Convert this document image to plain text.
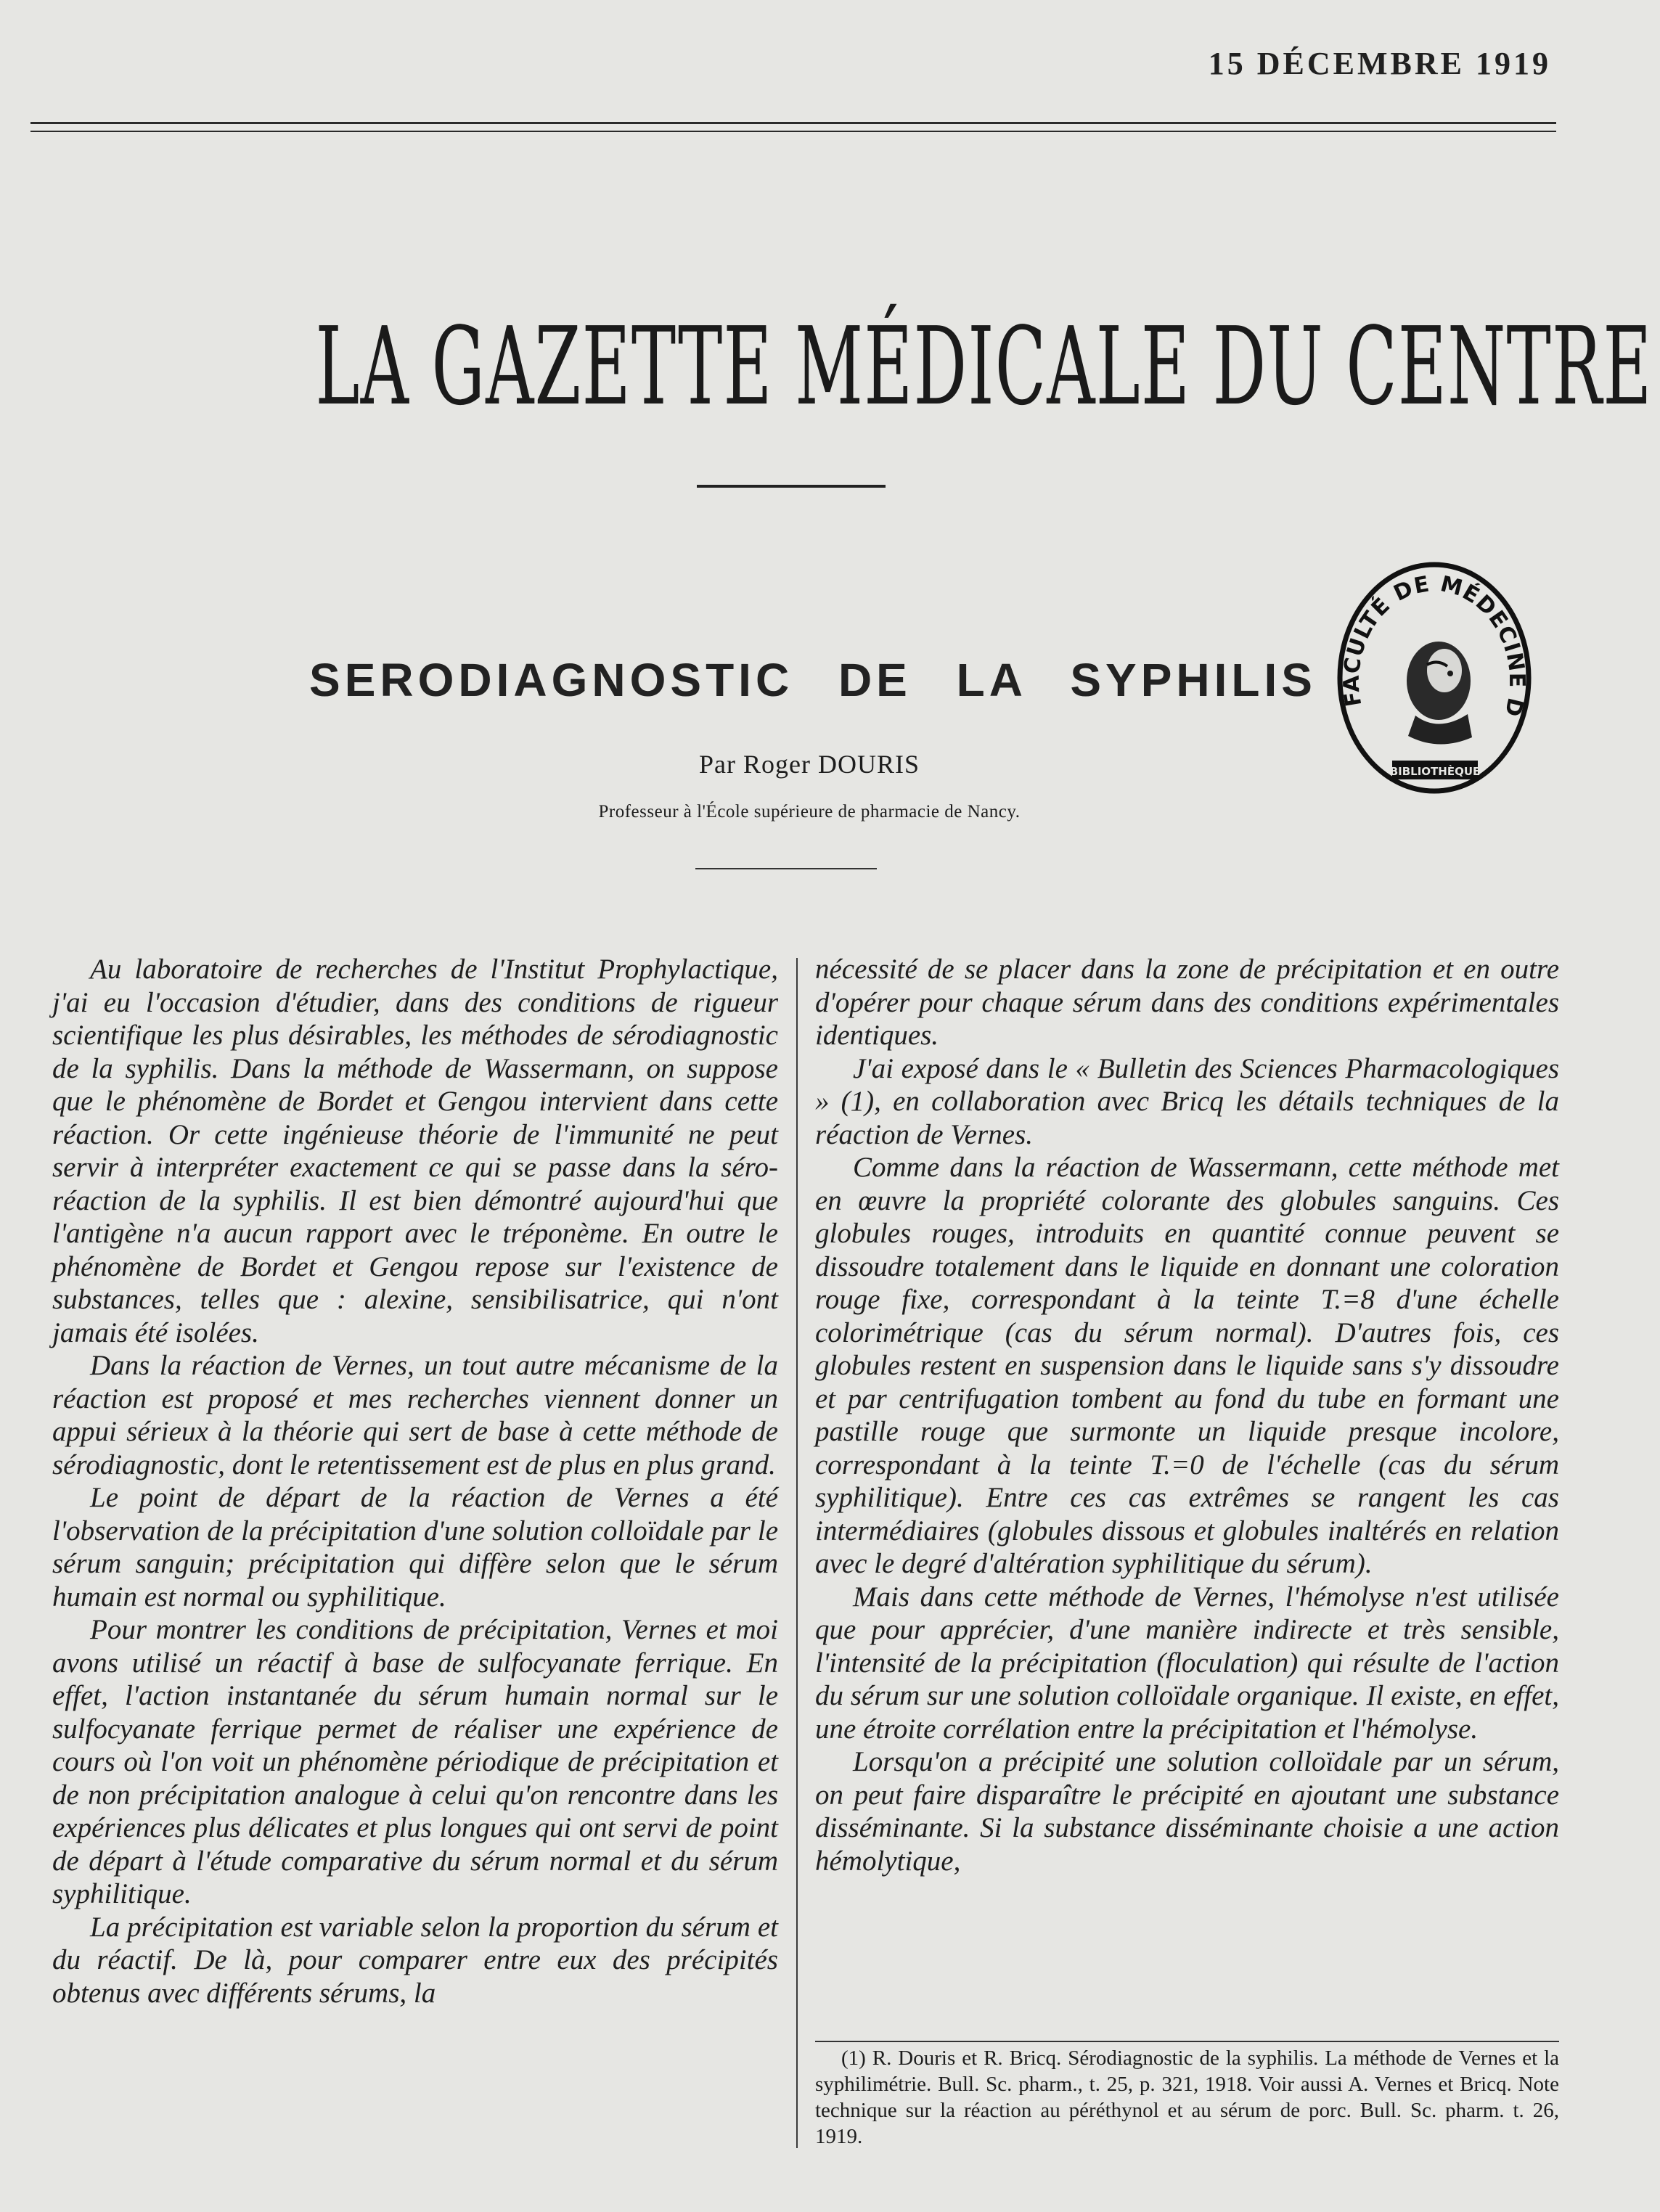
15 DÉCEMBRE 1919
LA GAZETTE MÉDICALE DU CENTRE
SERODIAGNOSTIC DE LA SYPHILIS
Par Roger DOURIS
Professeur à l'École supérieure de pharmacie de Nancy.
FACULTÉ DE MÉDECINE D
BIBLIOTHÈQUE

Au laboratoire de recherches de l'Institut Prophylactique, j'ai eu l'occasion d'étudier, dans des conditions de rigueur scientifique les plus désirables, les méthodes de sérodiagnostic de la syphilis. Dans la méthode de Wassermann, on suppose que le phénomène de Bordet et Gengou intervient dans cette réaction. Or cette ingénieuse théorie de l'immunité ne peut servir à interpréter exactement ce qui se passe dans la séro-réaction de la syphilis. Il est bien démontré aujourd'hui que l'antigène n'a aucun rapport avec le tréponème. En outre le phénomène de Bordet et Gengou repose sur l'existence de substances, telles que : alexine, sensibilisatrice, qui n'ont jamais été isolées.

Dans la réaction de Vernes, un tout autre mécanisme de la réaction est proposé et mes recherches viennent donner un appui sérieux à la théorie qui sert de base à cette méthode de sérodiagnostic, dont le retentissement est de plus en plus grand.

Le point de départ de la réaction de Vernes a été l'observation de la précipitation d'une solution colloïdale par le sérum sanguin; précipitation qui diffère selon que le sérum humain est normal ou syphilitique.

Pour montrer les conditions de précipitation, Vernes et moi avons utilisé un réactif à base de sulfocyanate ferrique. En effet, l'action instantanée du sérum humain normal sur le sulfocyanate ferrique permet de réaliser une expérience de cours où l'on voit un phénomène périodique de précipitation et de non précipitation analogue à celui qu'on rencontre dans les expériences plus délicates et plus longues qui ont servi de point de départ à l'étude comparative du sérum normal et du sérum syphilitique.

La précipitation est variable selon la proportion du sérum et du réactif. De là, pour comparer entre eux des précipités obtenus avec différents sérums, la

nécessité de se placer dans la zone de précipitation et en outre d'opérer pour chaque sérum dans des conditions expérimentales identiques.

J'ai exposé dans le « Bulletin des Sciences Pharmacologiques » (1), en collaboration avec Bricq les détails techniques de la réaction de Vernes.

Comme dans la réaction de Wassermann, cette méthode met en œuvre la propriété colorante des globules sanguins. Ces globules rouges, introduits en quantité connue peuvent se dissoudre totalement dans le liquide en donnant une coloration rouge fixe, correspondant à la teinte T.=8 d'une échelle colorimétrique (cas du sérum normal). D'autres fois, ces globules restent en suspension dans le liquide sans s'y dissoudre et par centrifugation tombent au fond du tube en formant une pastille rouge que surmonte un liquide presque incolore, correspondant à la teinte T.=0 de l'échelle (cas du sérum syphilitique). Entre ces cas extrêmes se rangent les cas intermédiaires (globules dissous et globules inaltérés en relation avec le degré d'altération syphilitique du sérum).

Mais dans cette méthode de Vernes, l'hémolyse n'est utilisée que pour apprécier, d'une manière indirecte et très sensible, l'intensité de la précipitation (floculation) qui résulte de l'action du sérum sur une solution colloïdale organique. Il existe, en effet, une étroite corrélation entre la précipitation et l'hémolyse.

Lorsqu'on a précipité une solution colloïdale par un sérum, on peut faire disparaître le précipité en ajoutant une substance disséminante. Si la substance disséminante choisie a une action hémolytique,

(1) R. Douris et R. Bricq. Sérodiagnostic de la syphilis. La méthode de Vernes et la syphilimétrie. Bull. Sc. pharm., t. 25, p. 321, 1918. Voir aussi A. Vernes et Bricq. Note technique sur la réaction au péréthynol et au sérum de porc. Bull. Sc. pharm. t. 26, 1919.
